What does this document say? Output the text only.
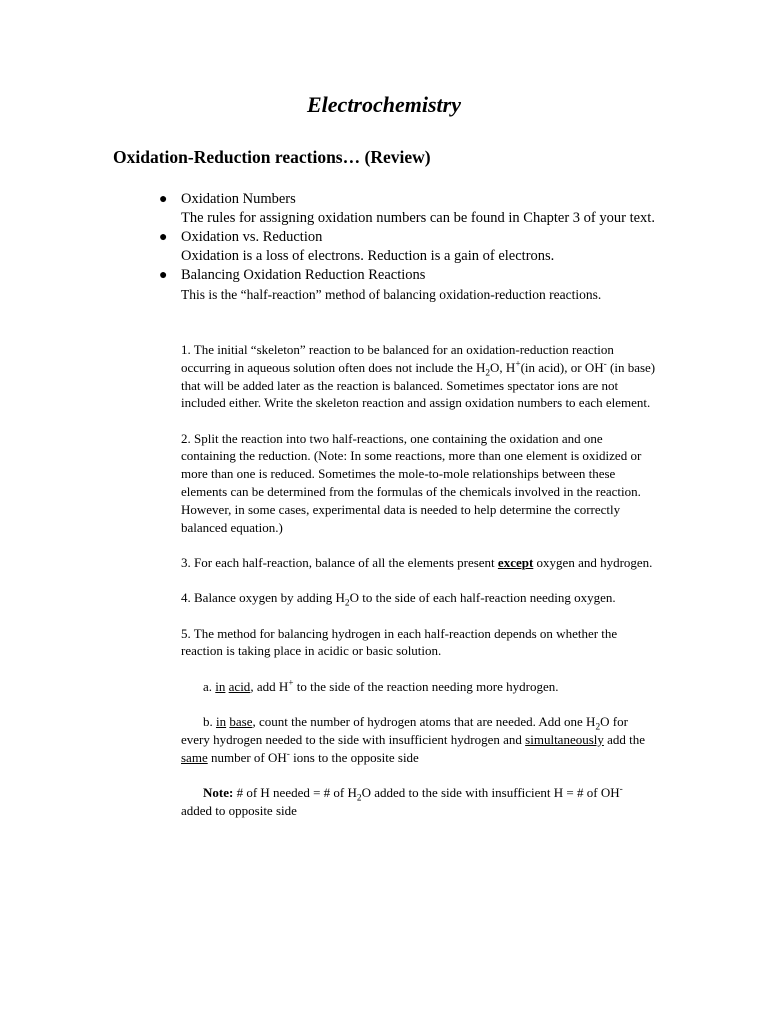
Electrochemistry
Oxidation-Reduction reactions… (Review)
● Oxidation Numbers
The rules for assigning oxidation numbers can be found in Chapter 3 of your text.
● Oxidation vs. Reduction
Oxidation is a loss of electrons. Reduction is a gain of electrons.
● Balancing Oxidation Reduction Reactions
This is the “half-reaction” method of balancing oxidation-reduction reactions.

1. The initial “skeleton” reaction to be balanced for an oxidation-reduction reaction occurring in aqueous solution often does not include the $H_2O$, H+(in acid), or OH- (in base) that will be added later as the reaction is balanced. Sometimes spectator ions are not included either. Write the skeleton reaction and assign oxidation numbers to each element.

2. Split the reaction into two half-reactions, one containing the oxidation and one containing the reduction. (Note: In some reactions, more than one element is oxidized or more than one is reduced. Sometimes the mole-to-mole relationships between these elements can be determined from the formulas of the chemicals involved in the reaction. However, in some cases, experimental data is needed to help determine the correctly balanced equation.)

3. For each half-reaction, balance of all the elements present except oxygen and hydrogen.

4. Balance oxygen by adding $H_2O$ to the side of each half-reaction needing oxygen.

5. The method for balancing hydrogen in each half-reaction depends on whether the reaction is taking place in acidic or basic solution.

a. in acid, add H+ to the side of the reaction needing more hydrogen.

b. in base, count the number of hydrogen atoms that are needed. Add one $H_2O$ for every hydrogen needed to the side with insufficient hydrogen and simultaneously add the same number of OH- ions to the opposite side

Note: # of H needed = # of $H_2O$ added to the side with insufficient H = # of OH- added to opposite side
